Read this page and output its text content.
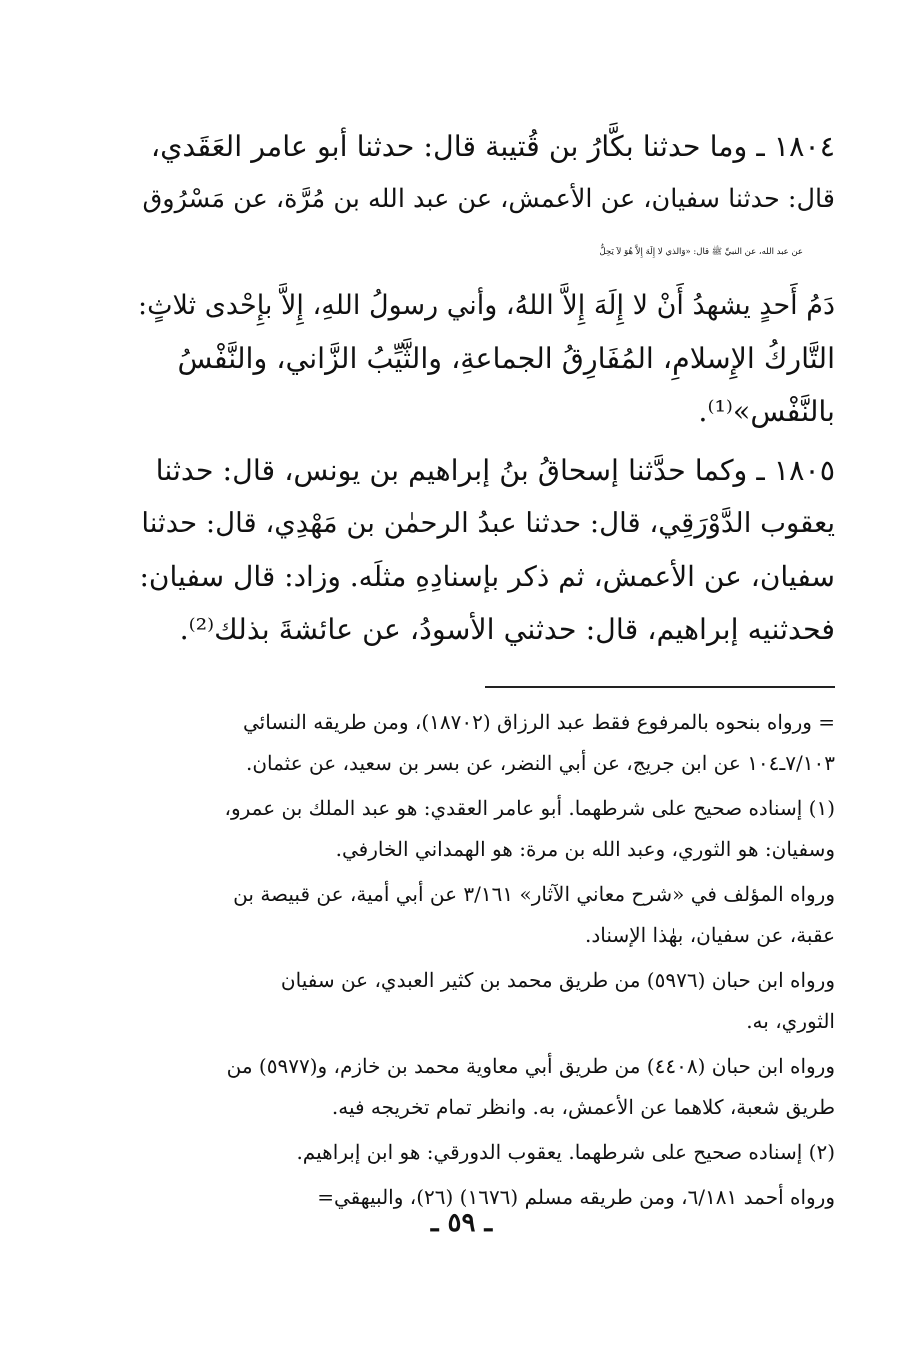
١٨٠٤ ـ وما حدثنا بكَّارُ بن قُتيبة قال: حدثنا أبو عامر العَقَدي،
قال: حدثنا سفيان، عن الأعمش، عن عبد الله بن مُرَّة، عن مَسْرُوق
عن عبد الله، عن النبيِّ ﷺ قال: «وَالذي لا إِلَهَ إِلاَّ هُوَ لاَ يَحِلُّ
دَمُ أَحدٍ يشهدُ أَنْ لا إِلَهَ إِلاَّ اللهُ، وأني رسولُ اللهِ، إِلاَّ بإِحْدى ثلاثٍ:
التَّاركُ الإِسلامِ، المُفَارِقُ الجماعةِ، والثَّيِّبُ الزَّاني، والنَّفْسُ
بالنَّفْس»⁽¹⁾.
١٨٠٥ ـ وكما حدَّثنا إسحاقُ بنُ إبراهيم بن يونس، قال: حدثنا
يعقوب الدَّوْرَقِي، قال: حدثنا عبدُ الرحمٰن بن مَهْدِي، قال: حدثنا
سفيان، عن الأعمش، ثم ذكر بإسنادِهِ مثلَه. وزاد: قال سفيان:
فحدثنيه إبراهيم، قال: حدثني الأسودُ، عن عائشةَ بذلك⁽²⁾.
= ورواه بنحوه بالمرفوع فقط عبد الرزاق (١٨٧٠٢)، ومن طريقه النسائي
٧/١٠٣ـ١٠٤ عن ابن جريج، عن أبي النضر، عن بسر بن سعيد، عن عثمان.
(١) إسناده صحيح على شرطهما. أبو عامر العقدي: هو عبد الملك بن عمرو،
وسفيان: هو الثوري، وعبد الله بن مرة: هو الهمداني الخارفي.
ورواه المؤلف في «شرح معاني الآثار» ٣/١٦١ عن أبي أمية، عن قبيصة بن
عقبة، عن سفيان، بهٰذا الإسناد.
ورواه ابن حبان (٥٩٧٦) من طريق محمد بن كثير العبدي، عن سفيان
الثوري، به.
ورواه ابن حبان (٤٤٠٨) من طريق أبي معاوية محمد بن خازم، و(٥٩٧٧) من
طريق شعبة، كلاهما عن الأعمش، به. وانظر تمام تخريجه فيه.
(٢) إسناده صحيح على شرطهما. يعقوب الدورقي: هو ابن إبراهيم.
ورواه أحمد ٦/١٨١، ومن طريقه مسلم (١٦٧٦) (٢٦)، والبيهقي=
ـ ٥٩ ـ
